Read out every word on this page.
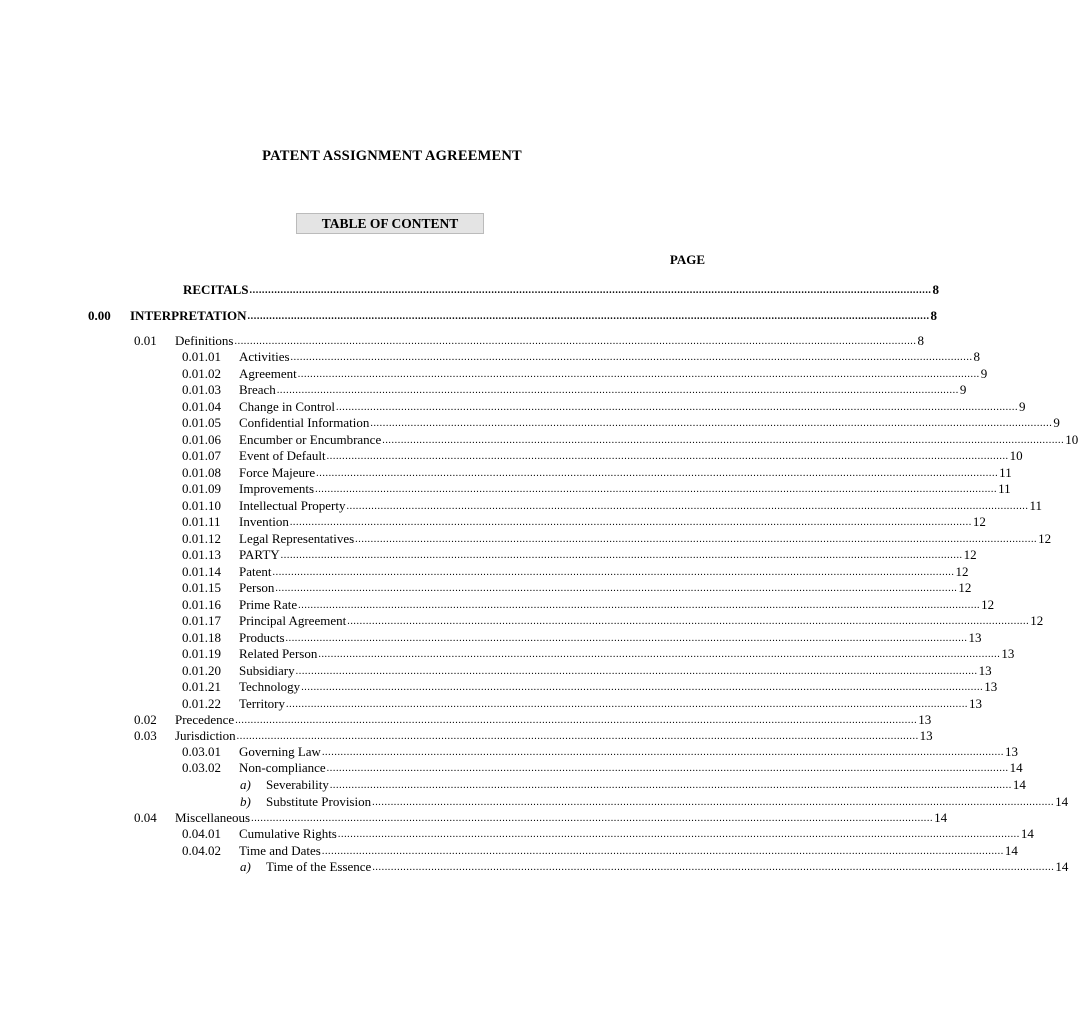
PATENT ASSIGNMENT AGREEMENT
TABLE OF CONTENT
PAGE
RECITALS ............................................................................................................................................................................................................................ 8
0.00 INTERPRETATION ............................................................................................................................................................................................................................ 8
0.01 Definitions ............................................................................................................................................................................................................................ 8
0.01.01 Activities ............................................................................................................................................................................................................................ 8
0.01.02 Agreement ............................................................................................................................................................................................................................ 9
0.01.03 Breach ............................................................................................................................................................................................................................ 9
0.01.04 Change in Control ............................................................................................................................................................................................................................ 9
0.01.05 Confidential Information ............................................................................................................................................................................................................................ 9
0.01.06 Encumber or Encumbrance ............................................................................................................................................................................................................................ 10
0.01.07 Event of Default ............................................................................................................................................................................................................................ 10
0.01.08 Force Majeure ............................................................................................................................................................................................................................ 11
0.01.09 Improvements ............................................................................................................................................................................................................................ 11
0.01.10 Intellectual Property ............................................................................................................................................................................................................................ 11
0.01.11 Invention ............................................................................................................................................................................................................................ 12
0.01.12 Legal Representatives ............................................................................................................................................................................................................................ 12
0.01.13 PARTY ............................................................................................................................................................................................................................ 12
0.01.14 Patent ............................................................................................................................................................................................................................ 12
0.01.15 Person ............................................................................................................................................................................................................................ 12
0.01.16 Prime Rate ............................................................................................................................................................................................................................ 12
0.01.17 Principal Agreement ............................................................................................................................................................................................................................ 12
0.01.18 Products ............................................................................................................................................................................................................................ 13
0.01.19 Related Person ............................................................................................................................................................................................................................ 13
0.01.20 Subsidiary ............................................................................................................................................................................................................................ 13
0.01.21 Technology ............................................................................................................................................................................................................................ 13
0.01.22 Territory ............................................................................................................................................................................................................................ 13
0.02 Precedence ............................................................................................................................................................................................................................ 13
0.03 Jurisdiction ............................................................................................................................................................................................................................ 13
0.03.01 Governing Law ............................................................................................................................................................................................................................ 13
0.03.02 Non-compliance ............................................................................................................................................................................................................................ 14
a) Severability ............................................................................................................................................................................................................................ 14
b) Substitute Provision ............................................................................................................................................................................................................................ 14
0.04 Miscellaneous ............................................................................................................................................................................................................................ 14
0.04.01 Cumulative Rights ............................................................................................................................................................................................................................ 14
0.04.02 Time and Dates ............................................................................................................................................................................................................................ 14
a) Time of the Essence ............................................................................................................................................................................................................................ 14
